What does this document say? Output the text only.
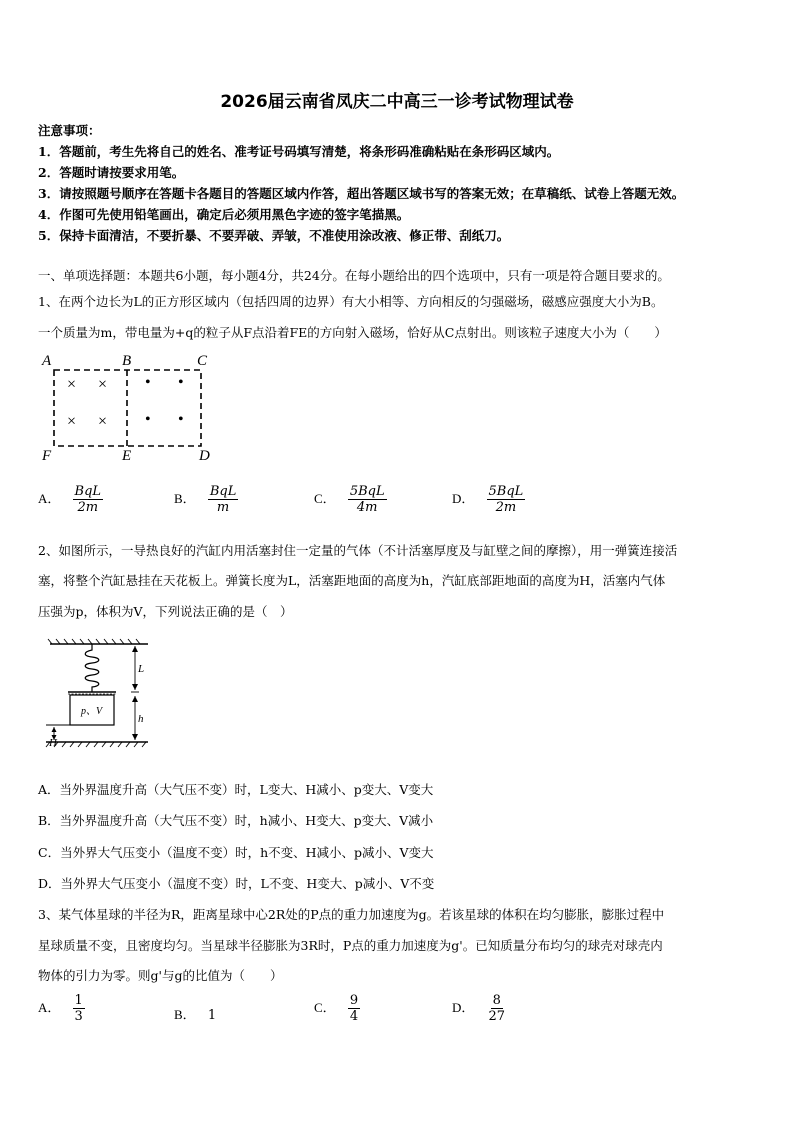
2026届云南省凤庆二中高三一诊考试物理试卷
注意事项：
1．答题前，考生先将自己的姓名、准考证号码填写清楚，将条形码准确粘贴在条形码区域内。
2．答题时请按要求用笔。
3．请按照题号顺序在答题卡各题目的答题区域内作答，超出答题区域书写的答案无效；在草稿纸、试卷上答题无效。
4．作图可先使用铅笔画出，确定后必须用黑色字迹的签字笔描黑。
5．保持卡面清洁，不要折暴、不要弄破、弄皱，不准使用涂改液、修正带、刮纸刀。
一、单项选择题：本题共6小题，每小题4分，共24分。在每小题给出的四个选项中，只有一项是符合题目要求的。
1、在两个边长为L的正方形区域内（包括四周的边界）有大小相等、方向相反的匀强磁场，磁感应强度大小为B。
一个质量为m，带电量为+q的粒子从F点沿着FE的方向射入磁场，恰好从C点射出。则该粒子速度大小为（　　）
A	B	C
F	E	D
× ×
× ×
• •
• •
A． $\frac{\text{BqL}}{2m}$	B． $\frac{\text{BqL}}{m}$	C． $\frac{\text{5BqL}}{4m}$	D． $\frac{\text{5BqL}}{2m}$
2、如图所示，一导热良好的汽缸内用活塞封住一定量的气体（不计活塞厚度及与缸壁之间的摩擦），用一弹簧连接活
塞，将整个汽缸悬挂在天花板上。弹簧长度为L，活塞距地面的高度为h，汽缸底部距地面的高度为H，活塞内气体
压强为p，体积为V，下列说法正确的是（　）
p、V
L
h
H
A．当外界温度升高（大气压不变）时，L变大、H减小、p变大、V变大
B．当外界温度升高（大气压不变）时，h减小、H变大、p变大、V减小
C．当外界大气压变小（温度不变）时，h不变、H减小、p减小、V变大
D．当外界大气压变小（温度不变）时，L不变、H变大、p减小、V不变
3、某气体星球的半径为R，距离星球中心2R处的P点的重力加速度为g。若该星球的体积在均匀膨胀，膨胀过程中
星球质量不变，且密度均匀。当星球半径膨胀为3R时，P点的重力加速度为g'。已知质量分布均匀的球壳对球壳内
物体的引力为零。则g'与g的比值为（　　）
A． $\frac{1}{3}$	B． 1
C． $\frac{9}{4}$	D． $\frac{8}{27}$
